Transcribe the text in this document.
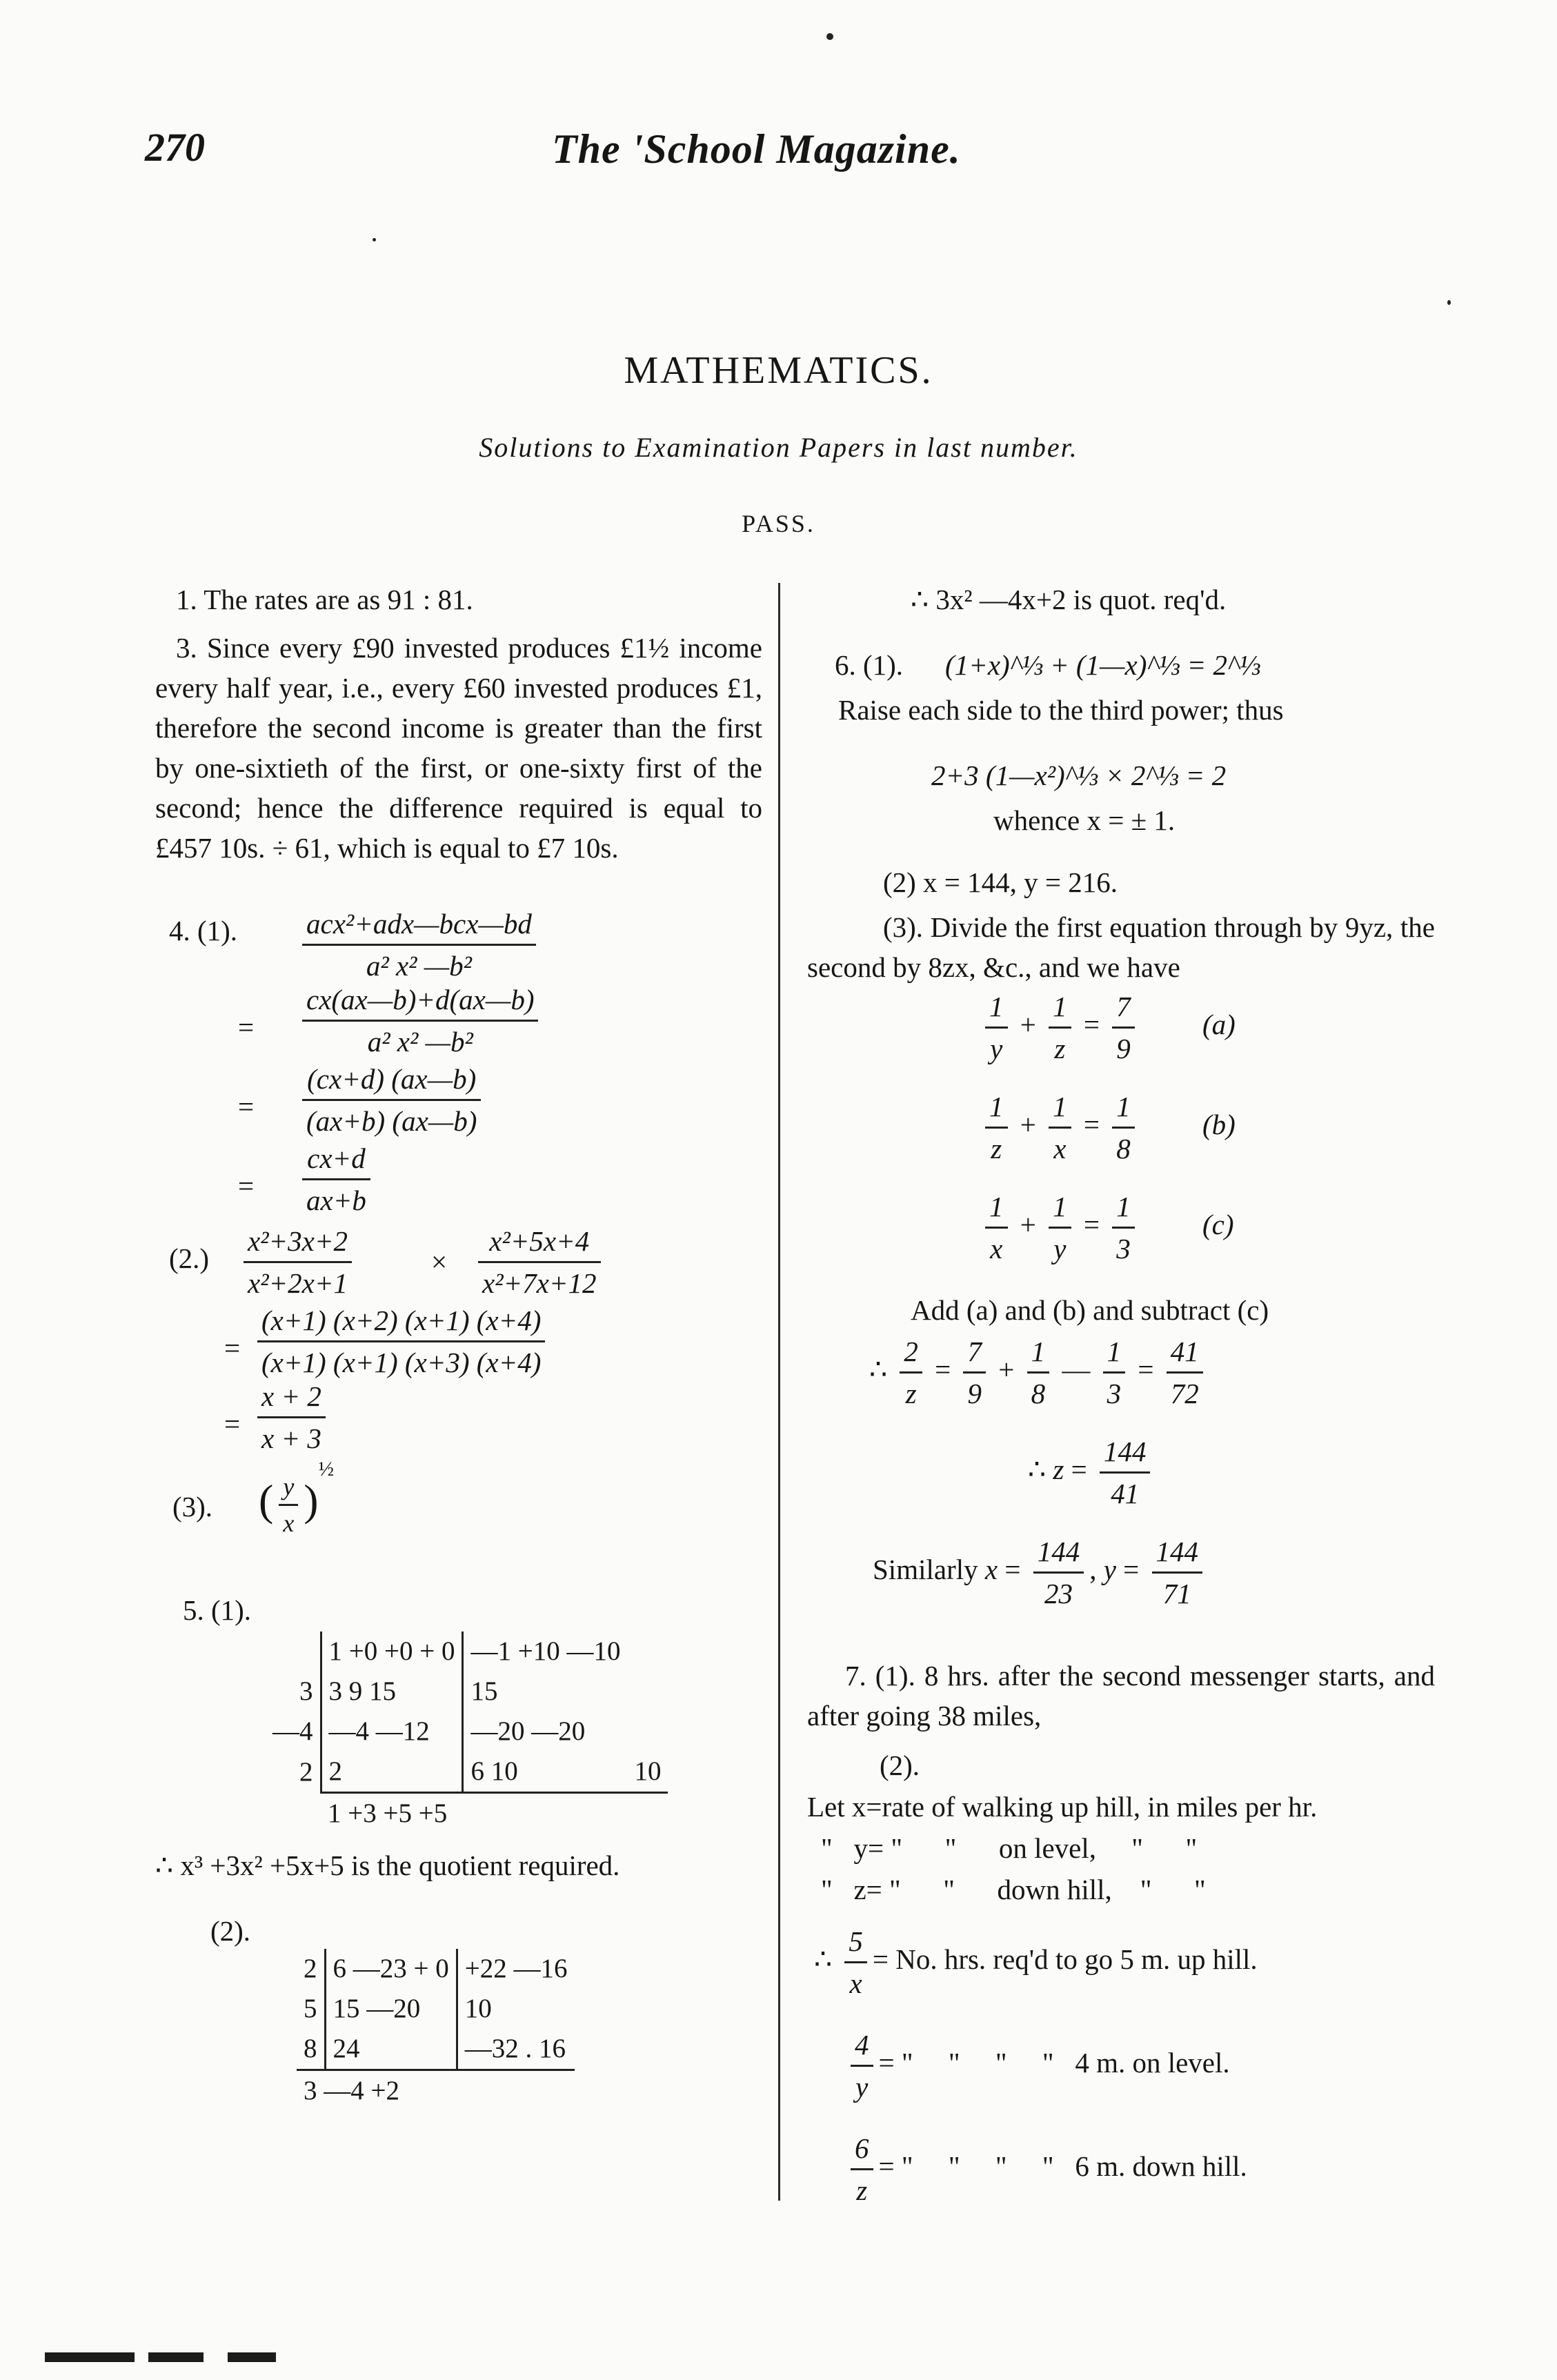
270	The 'School Magazine.
MATHEMATICS.
Solutions to Examination Papers in last number.
PASS.
1. The rates are as 91 : 81.
3. Since every £90 invested produces £1½ income every half year, i.e., every £60 invested produces £1, therefore the second income is greater than the first by one-sixtieth of the first, or one-sixty first of the second; hence the difference required is equal to £457 10s. ÷ 61, which is equal to £7 10s.
4. (1). $\frac{\text{acx²+adx—bcx—bd}}{\text{a² x² —b²}}$
= $\frac{cx(ax—b)+d(ax—b)}{\text{a² x² —b²}}$
= $\frac{(cx+d) (ax—b)}{(ax+b) (ax—b)}$
= $\frac{cx+d}{ax+b}$
$(2.) \frac{\text{x²+3x+2}}{\text{x²+2x+1}}$	× $\frac{\text{x²+5x+4}}{\text{x²+7x+12}}$
= $\frac{(x+1) (x+2) (x+1) (x+4)}{(x+1) (x+1) (x+3) (x+4)}$
= $\frac{x + 2}{x + 3}$
(3). ( $\frac{y}{x} )^{\frac{1}{2}}$
5. (1).
	1 +0 +0 + 0	—1 +10 —10	
3	3 9 15	15	
—4	—4 —12	—20 —20	
2	2	6 10	10
	1 +3 +5 +5		
∴ x³ +3x² +5x+5 is the quotient required.
(2).
2	6 —23 + 0	+22 —16
5	15 —20	10
8	24	—32 . 16
3 —4 +2		
∴ 3x² —4x+2 is quot. req'd.
6. (1). (1+x)^⅓ + (1—x)^⅓ = 2^⅓
Raise each side to the third power; thus
2+3 (1—x²)^⅓ × 2^⅓ = 2
whence x = ± 1.
(2) x = 144, y = 216.
(3). Divide the first equation through by 9yz, the second by 8zx, &c., and we have
$\frac{1}{y} + \frac{1}{z} = \frac{7}{9} (a)$
$\frac{1}{z} + \frac{1}{x} = \frac{1}{8} (b)$
$\frac{1}{x} + \frac{1}{y} = \frac{1}{3} (c)$
Add (a) and (b) and subtract (c)
∴ $\frac{2}{z} = \frac{7}{9} + \frac{1}{8}$ — $\frac{1}{3} = \frac{41}{72}$
∴ $z = \frac{144}{41}$
Similarly $x = \frac{144}{23}$ , $y = \frac{144}{71}$
7. (1). 8 hrs. after the second messenger starts, and after going 38 miles,
(2).
Let x=rate of walking up hill, in miles per hr.
"   y= "      "      on level,     "      "
"   z= "      "      down hill,    "      "
∴ $\frac{5}{x} = No$. hrs. req'd to go 5 m. up hill.
$\frac{4}{y}$ = "     "     "     "   4 m. on level.
$\frac{6}{z}$ = "     "     "     "   6 m. down hill.
